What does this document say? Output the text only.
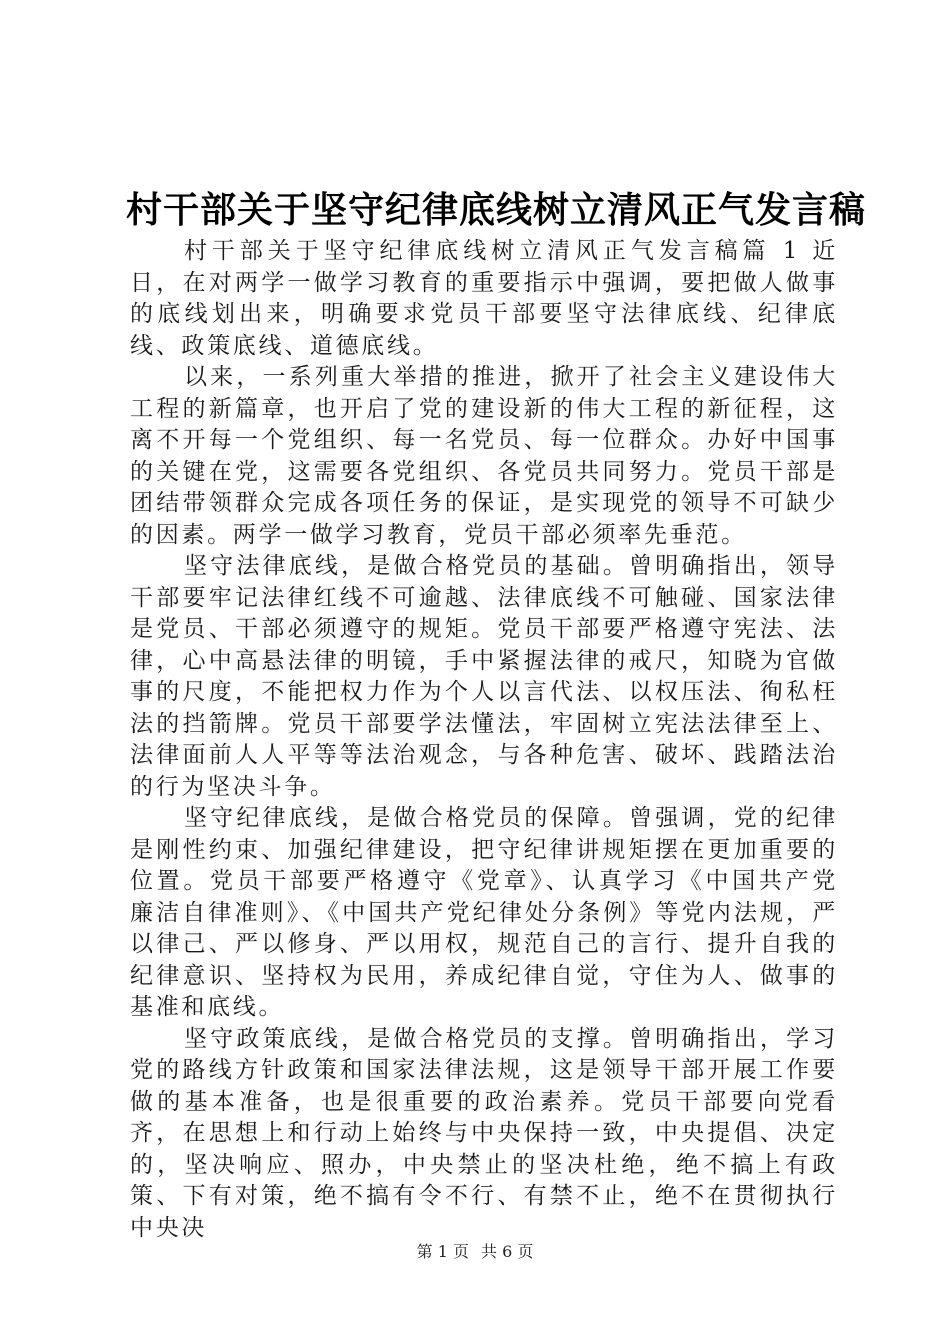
村干部关于坚守纪律底线树立清风正气发言稿

村干部关于坚守纪律底线树立清风正气发言稿篇 1 近日，在对两学一做学习教育的重要指示中强调，要把做人做事的底线划出来，明确要求党员干部要坚守法律底线、纪律底线、政策底线、道德底线。

以来，一系列重大举措的推进，掀开了社会主义建设伟大工程的新篇章，也开启了党的建设新的伟大工程的新征程，这离不开每一个党组织、每一名党员、每一位群众。办好中国事的关键在党，这需要各党组织、各党员共同努力。党员干部是团结带领群众完成各项任务的保证，是实现党的领导不可缺少的因素。两学一做学习教育，党员干部必须率先垂范。

坚守法律底线，是做合格党员的基础。曾明确指出，领导干部要牢记法律红线不可逾越、法律底线不可触碰、国家法律是党员、干部必须遵守的规矩。党员干部要严格遵守宪法、法律，心中高悬法律的明镜，手中紧握法律的戒尺，知晓为官做事的尺度，不能把权力作为个人以言代法、以权压法、徇私枉法的挡箭牌。党员干部要学法懂法，牢固树立宪法法律至上、法律面前人人平等等法治观念，与各种危害、破坏、践踏法治的行为坚决斗争。

坚守纪律底线，是做合格党员的保障。曾强调，党的纪律是刚性约束、加强纪律建设，把守纪律讲规矩摆在更加重要的位置。党员干部要严格遵守《党章》、认真学习《中国共产党廉洁自律准则》、《中国共产党纪律处分条例》等党内法规，严以律己、严以修身、严以用权，规范自己的言行、提升自我的纪律意识、坚持权为民用，养成纪律自觉，守住为人、做事的基准和底线。

坚守政策底线，是做合格党员的支撑。曾明确指出，学习党的路线方针政策和国家法律法规，这是领导干部开展工作要做的基本准备，也是很重要的政治素养。党员干部要向党看齐，在思想上和行动上始终与中央保持一致，中央提倡、决定的，坚决响应、照办，中央禁止的坚决杜绝，绝不搞上有政策、下有对策，绝不搞有令不行、有禁不止，绝不在贯彻执行中央决

第 1 页 共 6 页
